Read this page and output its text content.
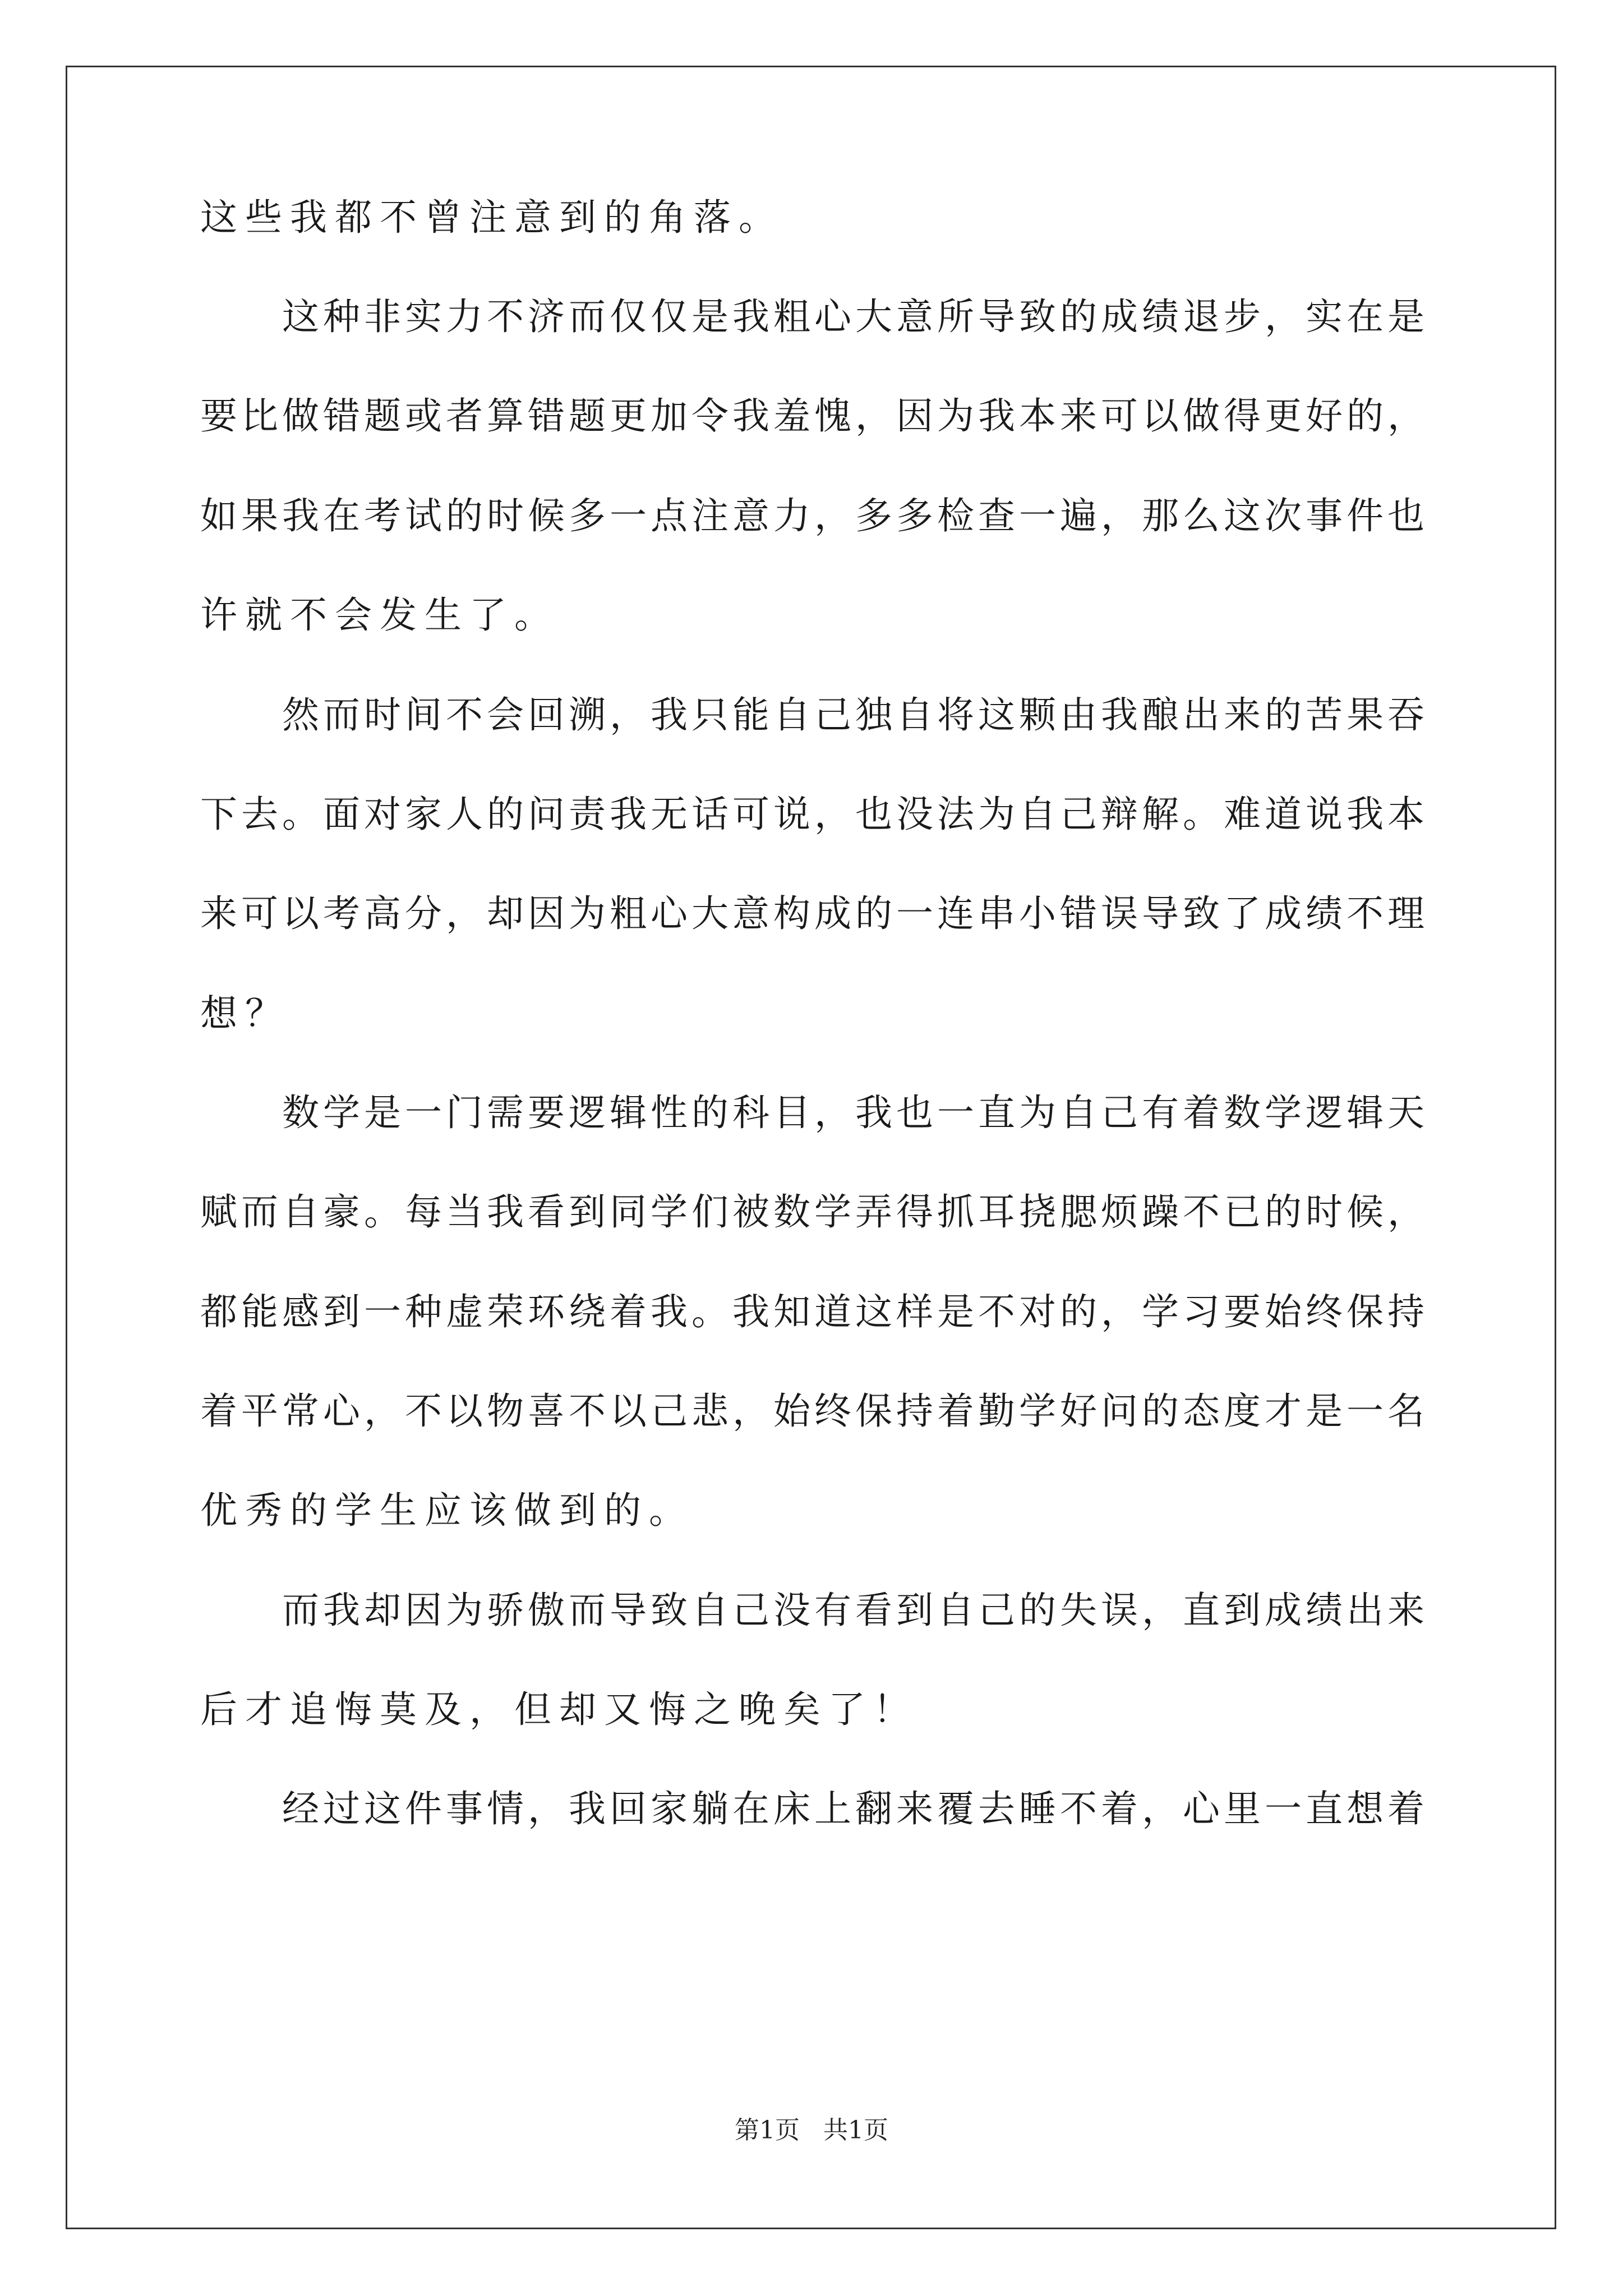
这些我都不曾注意到的角落。
这种非实力不济而仅仅是我粗心大意所导致的成绩退步，实在是
要比做错题或者算错题更加令我羞愧，因为我本来可以做得更好的，
如果我在考试的时候多一点注意力，多多检查一遍，那么这次事件也
许就不会发生了。
然而时间不会回溯，我只能自己独自将这颗由我酿出来的苦果吞
下去。面对家人的问责我无话可说，也没法为自己辩解。难道说我本
来可以考高分，却因为粗心大意构成的一连串小错误导致了成绩不理
想？
数学是一门需要逻辑性的科目，我也一直为自己有着数学逻辑天
赋而自豪。每当我看到同学们被数学弄得抓耳挠腮烦躁不已的时候，
都能感到一种虚荣环绕着我。我知道这样是不对的，学习要始终保持
着平常心，不以物喜不以己悲，始终保持着勤学好问的态度才是一名
优秀的学生应该做到的。
而我却因为骄傲而导致自己没有看到自己的失误，直到成绩出来
后才追悔莫及，但却又悔之晚矣了！
经过这件事情，我回家躺在床上翻来覆去睡不着，心里一直想着
第1页 共1页
